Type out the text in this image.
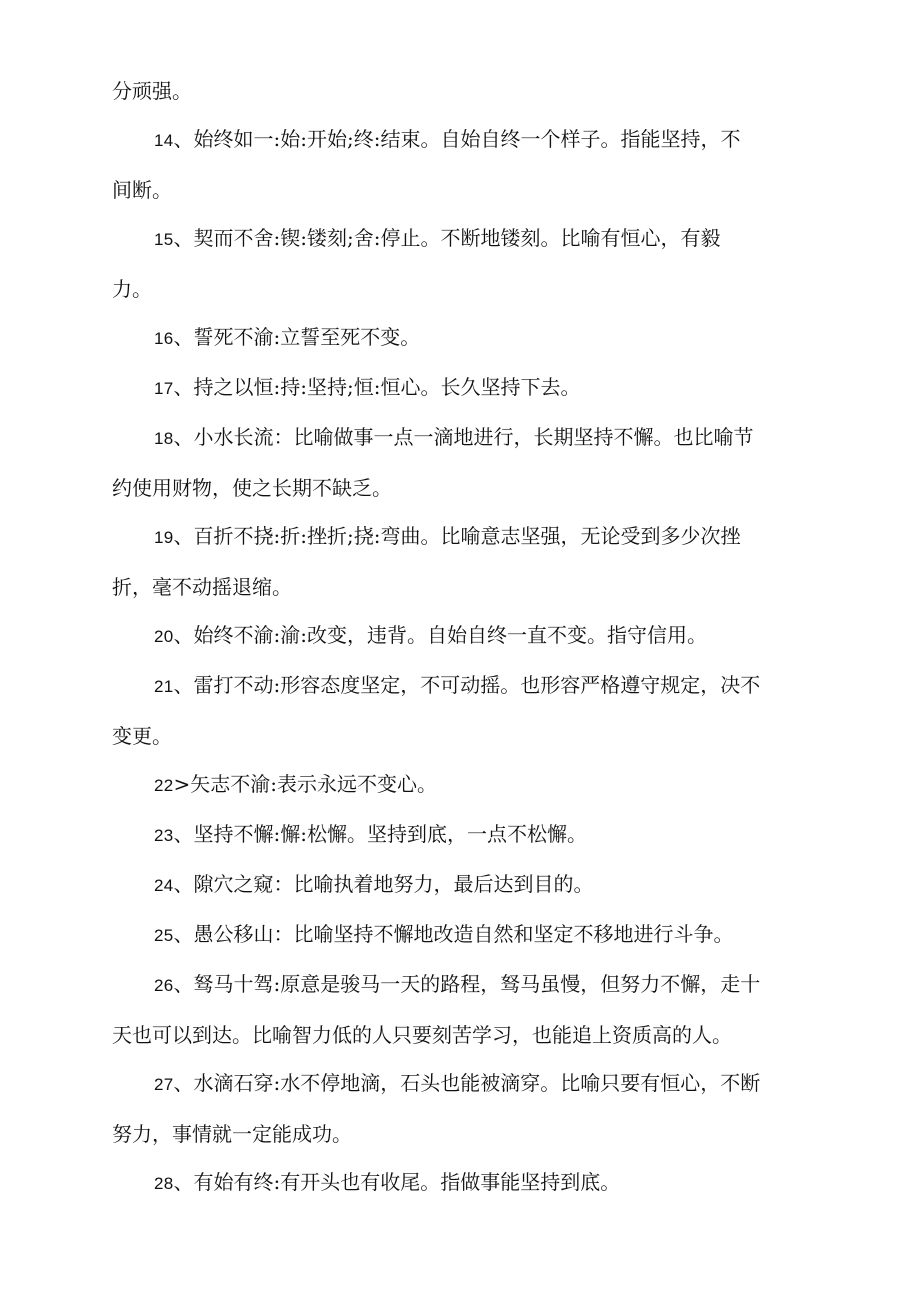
分顽强。
14、始终如一:始:开始;终:结束。自始自终一个样子。指能坚持，不
间断。
15、契而不舍:锲:镂刻;舍:停止。不断地镂刻。比喻有恒心，有毅
力。
16、誓死不渝:立誓至死不变。
17、持之以恒:持:坚持;恒:恒心。长久坚持下去。
18、小水长流：比喻做事一点一滴地进行，长期坚持不懈。也比喻节
约使用财物，使之长期不缺乏。
19、百折不挠:折:挫折;挠:弯曲。比喻意志坚强，无论受到多少次挫
折，毫不动摇退缩。
20、始终不渝:渝:改变，违背。自始自终一直不变。指守信用。
21、雷打不动:形容态度坚定，不可动摇。也形容严格遵守规定，决不
变更。
22>矢志不渝:表示永远不变心。
23、坚持不懈:懈:松懈。坚持到底，一点不松懈。
24、隙穴之窥：比喻执着地努力，最后达到目的。
25、愚公移山：比喻坚持不懈地改造自然和坚定不移地进行斗争。
26、驽马十驾:原意是骏马一天的路程，驽马虽慢，但努力不懈，走十
天也可以到达。比喻智力低的人只要刻苦学习，也能追上资质高的人。
27、水滴石穿:水不停地滴，石头也能被滴穿。比喻只要有恒心，不断
努力，事情就一定能成功。
28、有始有终:有开头也有收尾。指做事能坚持到底。
